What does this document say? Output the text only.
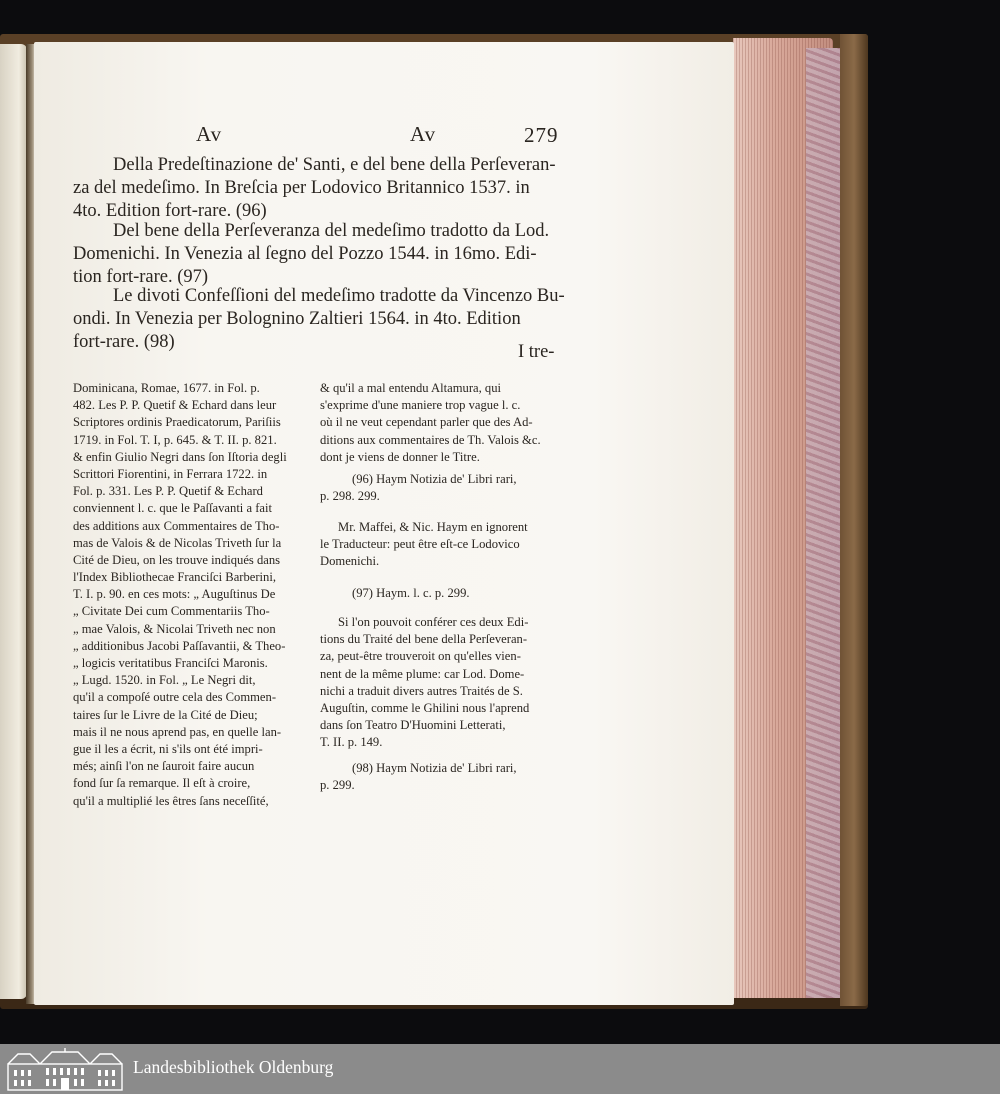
Av	Av	279
Della Predeſtinazione de' Santi, e del bene della Perſeveran-
za del medeſimo. In Breſcia per Lodovico Britannico 1537. in
4to. Edition fort-rare. (96)
Del bene della Perſeveranza del medeſimo tradotto da Lod.
Domenichi. In Venezia al ſegno del Pozzo 1544. in 16mo. Edi-
tion fort-rare. (97)
Le divoti Confeſſioni del medeſimo tradotte da Vincenzo Bu-
ondi. In Venezia per Bolognino Zaltieri 1564. in 4to. Edition
fort-rare. (98)	I tre-
Dominicana, Romae, 1677. in Fol. p.
482. Les P. P. Quetif & Echard dans leur
Scriptores ordinis Praedicatorum, Pariſiis
1719. in Fol. T. I, p. 645. & T. II. p. 821.
& enfin Giulio Negri dans ſon Iſtoria degli
Scrittori Fiorentini, in Ferrara 1722. in
Fol. p. 331. Les P. P. Quetif & Echard
conviennent l. c. que le Paſſavanti a fait
des additions aux Commentaires de Tho-
mas de Valois & de Nicolas Triveth ſur la
Cité de Dieu, on les trouve indiqués dans
l'Index Bibliothecae Franciſci Barberini,
T. I. p. 90. en ces mots: „ Auguſtinus De
„ Civitate Dei cum Commentariis Tho-
„ mae Valois, & Nicolai Triveth nec non
„ additionibus Jacobi Paſſavantii, & Theo-
„ logicis veritatibus Franciſci Maronis.
„ Lugd. 1520. in Fol. „ Le Negri dit,
qu'il a compoſé outre cela des Commen-
taires ſur le Livre de la Cité de Dieu;
mais il ne nous aprend pas, en quelle lan-
gue il les a écrit, ni s'ils ont été impri-
més; ainſi l'on ne ſauroit faire aucun
fond ſur ſa remarque. Il eſt à croire,
qu'il a multiplié les êtres ſans neceſſité,
& qu'il a mal entendu Altamura, qui
s'exprime d'une maniere trop vague l. c.
où il ne veut cependant parler que des Ad-
ditions aux commentaires de Th. Valois &c.
dont je viens de donner le Titre.
(96) Haym Notizia de' Libri rari,
p. 298. 299.
Mr. Maffei, & Nic. Haym en ignorent
le Traducteur: peut être eſt-ce Lodovico
Domenichi.
(97) Haym. l. c. p. 299.
Si l'on pouvoit conférer ces deux Edi-
tions du Traité del bene della Perſeveran-
za, peut-être trouveroit on qu'elles vien-
nent de la même plume: car Lod. Dome-
nichi a traduit divers autres Traités de S.
Auguſtin, comme le Ghilini nous l'aprend
dans ſon Teatro D'Huomini Letterati,
T. II. p. 149.
(98) Haym Notizia de' Libri rari,
p. 299.
Landesbibliothek Oldenburg
